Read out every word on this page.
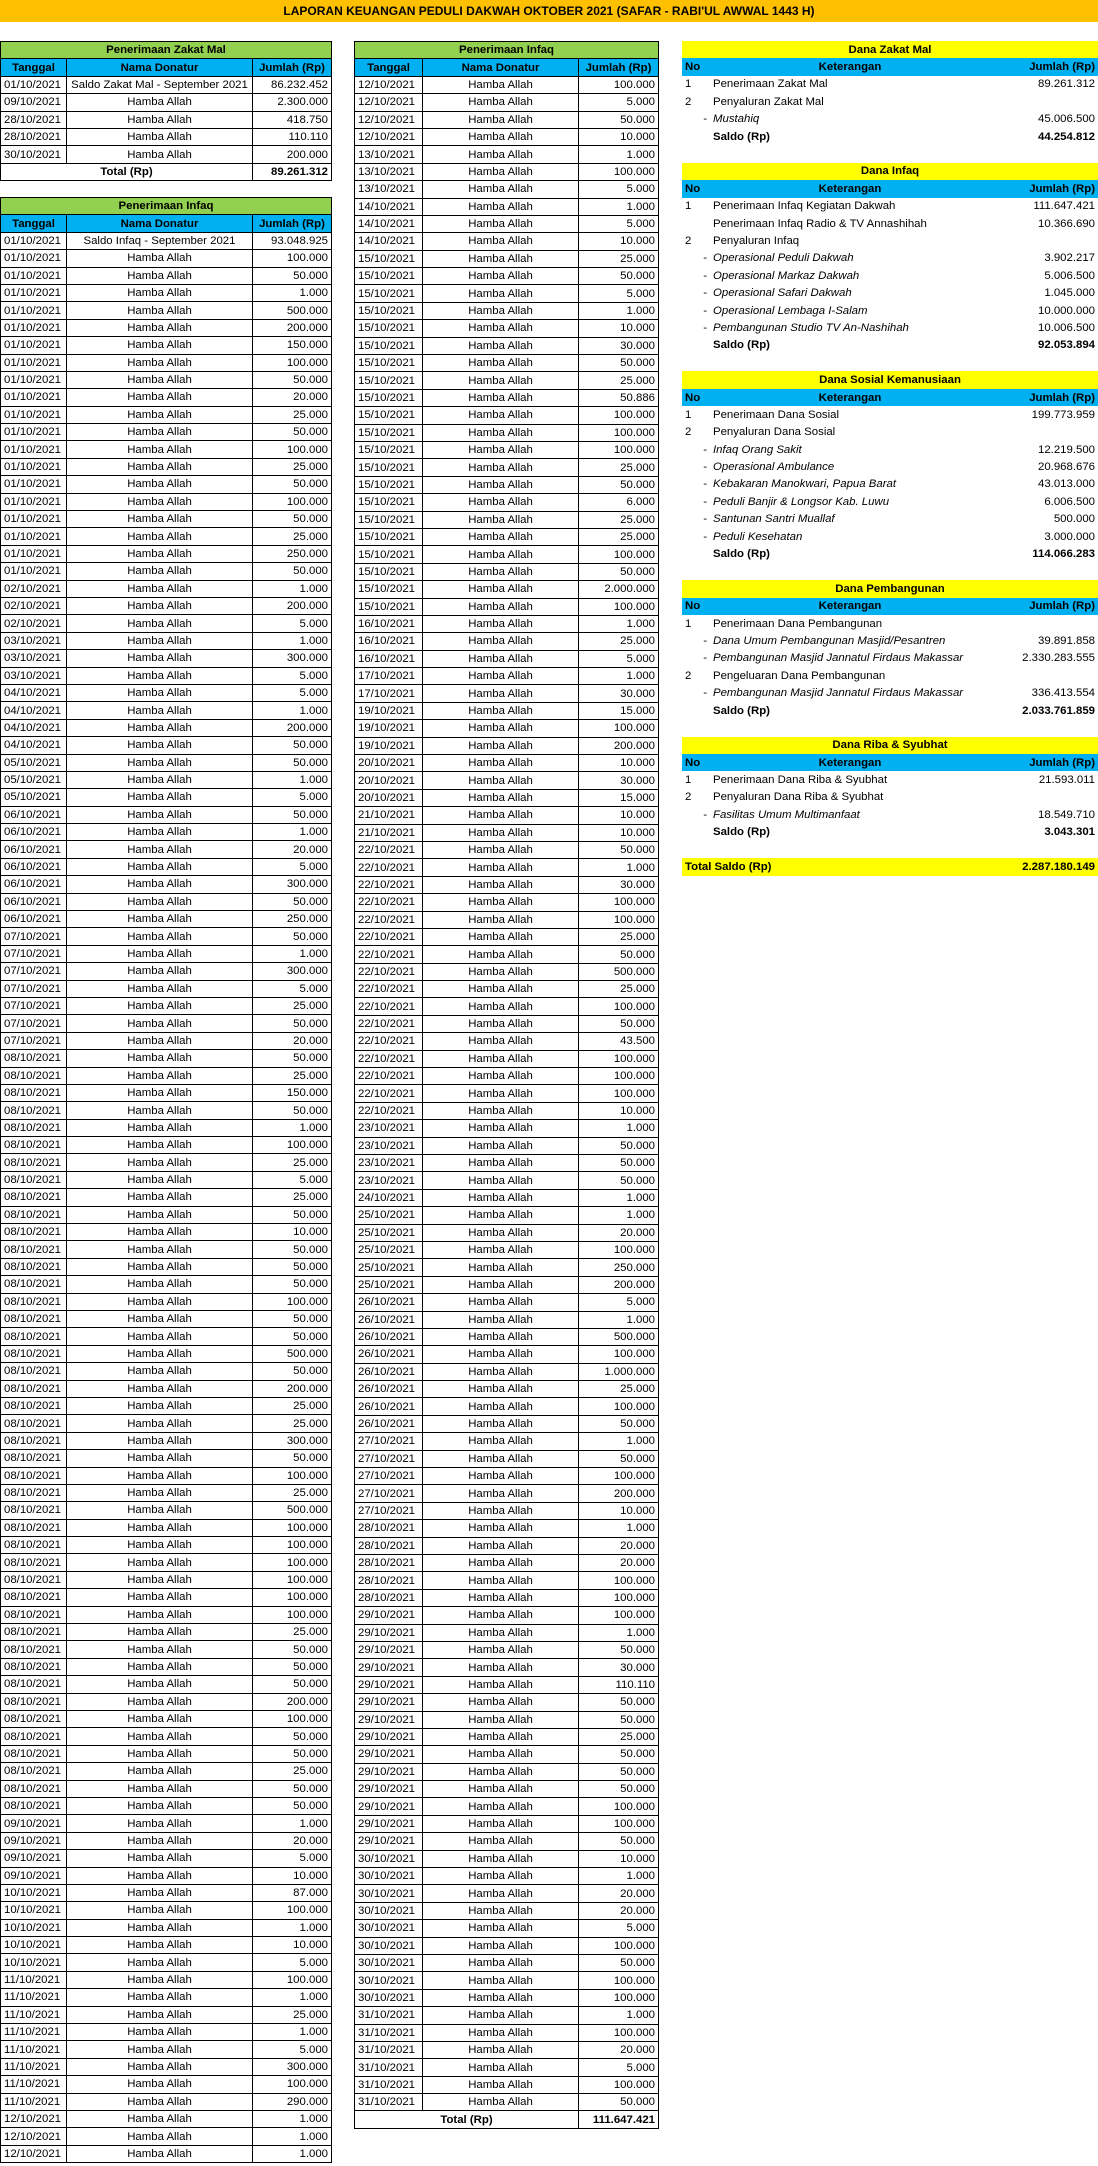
LAPORAN KEUANGAN PEDULI DAKWAH OKTOBER 2021 (SAFAR - RABI'UL AWWAL 1443 H)
Penerimaan Zakat Mal		
Tanggal	Nama Donatur	Jumlah (Rp)
01/10/2021	Saldo Zakat Mal - September 2021	86.232.452
09/10/2021	Hamba Allah	2.300.000
28/10/2021	Hamba Allah	418.750
28/10/2021	Hamba Allah	110.110
30/10/2021	Hamba Allah	200.000
Total (Rp)		89.261.312
Penerimaan Infaq		
Tanggal	Nama Donatur	Jumlah (Rp)
01/10/2021	Saldo Infaq - September 2021	93.048.925
01/10/2021	Hamba Allah	100.000
01/10/2021	Hamba Allah	50.000
01/10/2021	Hamba Allah	1.000
01/10/2021	Hamba Allah	500.000
01/10/2021	Hamba Allah	200.000
01/10/2021	Hamba Allah	150.000
01/10/2021	Hamba Allah	100.000
01/10/2021	Hamba Allah	50.000
01/10/2021	Hamba Allah	20.000
01/10/2021	Hamba Allah	25.000
01/10/2021	Hamba Allah	50.000
01/10/2021	Hamba Allah	100.000
01/10/2021	Hamba Allah	25.000
01/10/2021	Hamba Allah	50.000
01/10/2021	Hamba Allah	100.000
01/10/2021	Hamba Allah	50.000
01/10/2021	Hamba Allah	25.000
01/10/2021	Hamba Allah	250.000
01/10/2021	Hamba Allah	50.000
02/10/2021	Hamba Allah	1.000
02/10/2021	Hamba Allah	200.000
02/10/2021	Hamba Allah	5.000
03/10/2021	Hamba Allah	1.000
03/10/2021	Hamba Allah	300.000
03/10/2021	Hamba Allah	5.000
04/10/2021	Hamba Allah	5.000
04/10/2021	Hamba Allah	1.000
04/10/2021	Hamba Allah	200.000
04/10/2021	Hamba Allah	50.000
05/10/2021	Hamba Allah	50.000
05/10/2021	Hamba Allah	1.000
05/10/2021	Hamba Allah	5.000
06/10/2021	Hamba Allah	50.000
06/10/2021	Hamba Allah	1.000
06/10/2021	Hamba Allah	20.000
06/10/2021	Hamba Allah	5.000
06/10/2021	Hamba Allah	300.000
06/10/2021	Hamba Allah	50.000
06/10/2021	Hamba Allah	250.000
07/10/2021	Hamba Allah	50.000
07/10/2021	Hamba Allah	1.000
07/10/2021	Hamba Allah	300.000
07/10/2021	Hamba Allah	5.000
07/10/2021	Hamba Allah	25.000
07/10/2021	Hamba Allah	50.000
07/10/2021	Hamba Allah	20.000
08/10/2021	Hamba Allah	50.000
08/10/2021	Hamba Allah	25.000
08/10/2021	Hamba Allah	150.000
08/10/2021	Hamba Allah	50.000
08/10/2021	Hamba Allah	1.000
08/10/2021	Hamba Allah	100.000
08/10/2021	Hamba Allah	25.000
08/10/2021	Hamba Allah	5.000
08/10/2021	Hamba Allah	25.000
08/10/2021	Hamba Allah	50.000
08/10/2021	Hamba Allah	10.000
08/10/2021	Hamba Allah	50.000
08/10/2021	Hamba Allah	50.000
08/10/2021	Hamba Allah	50.000
08/10/2021	Hamba Allah	100.000
08/10/2021	Hamba Allah	50.000
08/10/2021	Hamba Allah	50.000
08/10/2021	Hamba Allah	500.000
08/10/2021	Hamba Allah	50.000
08/10/2021	Hamba Allah	200.000
08/10/2021	Hamba Allah	25.000
08/10/2021	Hamba Allah	25.000
08/10/2021	Hamba Allah	300.000
08/10/2021	Hamba Allah	50.000
08/10/2021	Hamba Allah	100.000
08/10/2021	Hamba Allah	25.000
08/10/2021	Hamba Allah	500.000
08/10/2021	Hamba Allah	100.000
08/10/2021	Hamba Allah	100.000
08/10/2021	Hamba Allah	100.000
08/10/2021	Hamba Allah	100.000
08/10/2021	Hamba Allah	100.000
08/10/2021	Hamba Allah	100.000
08/10/2021	Hamba Allah	25.000
08/10/2021	Hamba Allah	50.000
08/10/2021	Hamba Allah	50.000
08/10/2021	Hamba Allah	50.000
08/10/2021	Hamba Allah	200.000
08/10/2021	Hamba Allah	100.000
08/10/2021	Hamba Allah	50.000
08/10/2021	Hamba Allah	50.000
08/10/2021	Hamba Allah	25.000
08/10/2021	Hamba Allah	50.000
08/10/2021	Hamba Allah	50.000
09/10/2021	Hamba Allah	1.000
09/10/2021	Hamba Allah	20.000
09/10/2021	Hamba Allah	5.000
09/10/2021	Hamba Allah	10.000
10/10/2021	Hamba Allah	87.000
10/10/2021	Hamba Allah	100.000
10/10/2021	Hamba Allah	1.000
10/10/2021	Hamba Allah	10.000
10/10/2021	Hamba Allah	5.000
11/10/2021	Hamba Allah	100.000
11/10/2021	Hamba Allah	1.000
11/10/2021	Hamba Allah	25.000
11/10/2021	Hamba Allah	1.000
11/10/2021	Hamba Allah	5.000
11/10/2021	Hamba Allah	300.000
11/10/2021	Hamba Allah	100.000
11/10/2021	Hamba Allah	290.000
12/10/2021	Hamba Allah	1.000
12/10/2021	Hamba Allah	1.000
12/10/2021	Hamba Allah	1.000
Penerimaan Infaq		
Tanggal	Nama Donatur	Jumlah (Rp)
12/10/2021	Hamba Allah	100.000
12/10/2021	Hamba Allah	5.000
12/10/2021	Hamba Allah	50.000
12/10/2021	Hamba Allah	10.000
13/10/2021	Hamba Allah	1.000
13/10/2021	Hamba Allah	100.000
13/10/2021	Hamba Allah	5.000
14/10/2021	Hamba Allah	1.000
14/10/2021	Hamba Allah	5.000
14/10/2021	Hamba Allah	10.000
15/10/2021	Hamba Allah	25.000
15/10/2021	Hamba Allah	50.000
15/10/2021	Hamba Allah	5.000
15/10/2021	Hamba Allah	1.000
15/10/2021	Hamba Allah	10.000
15/10/2021	Hamba Allah	30.000
15/10/2021	Hamba Allah	50.000
15/10/2021	Hamba Allah	25.000
15/10/2021	Hamba Allah	50.886
15/10/2021	Hamba Allah	100.000
15/10/2021	Hamba Allah	100.000
15/10/2021	Hamba Allah	100.000
15/10/2021	Hamba Allah	25.000
15/10/2021	Hamba Allah	50.000
15/10/2021	Hamba Allah	6.000
15/10/2021	Hamba Allah	25.000
15/10/2021	Hamba Allah	25.000
15/10/2021	Hamba Allah	100.000
15/10/2021	Hamba Allah	50.000
15/10/2021	Hamba Allah	2.000.000
15/10/2021	Hamba Allah	100.000
16/10/2021	Hamba Allah	1.000
16/10/2021	Hamba Allah	25.000
16/10/2021	Hamba Allah	5.000
17/10/2021	Hamba Allah	1.000
17/10/2021	Hamba Allah	30.000
19/10/2021	Hamba Allah	15.000
19/10/2021	Hamba Allah	100.000
19/10/2021	Hamba Allah	200.000
20/10/2021	Hamba Allah	10.000
20/10/2021	Hamba Allah	30.000
20/10/2021	Hamba Allah	15.000
21/10/2021	Hamba Allah	10.000
21/10/2021	Hamba Allah	10.000
22/10/2021	Hamba Allah	50.000
22/10/2021	Hamba Allah	1.000
22/10/2021	Hamba Allah	30.000
22/10/2021	Hamba Allah	100.000
22/10/2021	Hamba Allah	100.000
22/10/2021	Hamba Allah	25.000
22/10/2021	Hamba Allah	50.000
22/10/2021	Hamba Allah	500.000
22/10/2021	Hamba Allah	25.000
22/10/2021	Hamba Allah	100.000
22/10/2021	Hamba Allah	50.000
22/10/2021	Hamba Allah	43.500
22/10/2021	Hamba Allah	100.000
22/10/2021	Hamba Allah	100.000
22/10/2021	Hamba Allah	100.000
22/10/2021	Hamba Allah	10.000
23/10/2021	Hamba Allah	1.000
23/10/2021	Hamba Allah	50.000
23/10/2021	Hamba Allah	50.000
23/10/2021	Hamba Allah	50.000
24/10/2021	Hamba Allah	1.000
25/10/2021	Hamba Allah	1.000
25/10/2021	Hamba Allah	20.000
25/10/2021	Hamba Allah	100.000
25/10/2021	Hamba Allah	250.000
25/10/2021	Hamba Allah	200.000
26/10/2021	Hamba Allah	5.000
26/10/2021	Hamba Allah	1.000
26/10/2021	Hamba Allah	500.000
26/10/2021	Hamba Allah	100.000
26/10/2021	Hamba Allah	1.000.000
26/10/2021	Hamba Allah	25.000
26/10/2021	Hamba Allah	100.000
26/10/2021	Hamba Allah	50.000
27/10/2021	Hamba Allah	1.000
27/10/2021	Hamba Allah	50.000
27/10/2021	Hamba Allah	100.000
27/10/2021	Hamba Allah	200.000
27/10/2021	Hamba Allah	10.000
28/10/2021	Hamba Allah	1.000
28/10/2021	Hamba Allah	20.000
28/10/2021	Hamba Allah	20.000
28/10/2021	Hamba Allah	100.000
28/10/2021	Hamba Allah	100.000
29/10/2021	Hamba Allah	100.000
29/10/2021	Hamba Allah	1.000
29/10/2021	Hamba Allah	50.000
29/10/2021	Hamba Allah	30.000
29/10/2021	Hamba Allah	110.110
29/10/2021	Hamba Allah	50.000
29/10/2021	Hamba Allah	50.000
29/10/2021	Hamba Allah	25.000
29/10/2021	Hamba Allah	50.000
29/10/2021	Hamba Allah	50.000
29/10/2021	Hamba Allah	50.000
29/10/2021	Hamba Allah	100.000
29/10/2021	Hamba Allah	100.000
29/10/2021	Hamba Allah	50.000
30/10/2021	Hamba Allah	10.000
30/10/2021	Hamba Allah	1.000
30/10/2021	Hamba Allah	20.000
30/10/2021	Hamba Allah	20.000
30/10/2021	Hamba Allah	5.000
30/10/2021	Hamba Allah	100.000
30/10/2021	Hamba Allah	50.000
30/10/2021	Hamba Allah	100.000
30/10/2021	Hamba Allah	100.000
31/10/2021	Hamba Allah	1.000
31/10/2021	Hamba Allah	100.000
31/10/2021	Hamba Allah	20.000
31/10/2021	Hamba Allah	5.000
31/10/2021	Hamba Allah	100.000
31/10/2021	Hamba Allah	50.000
Total (Rp)		111.647.421
Dana Zakat Mal		
No	Keterangan	Jumlah (Rp)
1	Penerimaan Zakat Mal	89.261.312
2	Penyaluran Zakat Mal	
-	Mustahiq	45.006.500
	Saldo (Rp)	44.254.812

Dana Infaq		
No	Keterangan	Jumlah (Rp)
1	Penerimaan Infaq Kegiatan Dakwah	111.647.421
	Penerimaan Infaq Radio & TV Annashihah	10.366.690
2	Penyaluran Infaq	
-	Operasional Peduli Dakwah	3.902.217
-	Operasional Markaz Dakwah	5.006.500
-	Operasional Safari Dakwah	1.045.000
-	Operasional Lembaga I-Salam	10.000.000
-	Pembangunan Studio TV An-Nashihah	10.006.500
	Saldo (Rp)	92.053.894

Dana Sosial Kemanusiaan		
No	Keterangan	Jumlah (Rp)
1	Penerimaan Dana Sosial	199.773.959
2	Penyaluran Dana Sosial	
-	Infaq Orang Sakit	12.219.500
-	Operasional Ambulance	20.968.676
-	Kebakaran Manokwari, Papua Barat	43.013.000
-	Peduli Banjir & Longsor Kab. Luwu	6.006.500
-	Santunan Santri Muallaf	500.000
-	Peduli Kesehatan	3.000.000
	Saldo (Rp)	114.066.283

Dana Pembangunan		
No	Keterangan	Jumlah (Rp)
1	Penerimaan Dana Pembangunan	
-	Dana Umum Pembangunan Masjid/Pesantren	39.891.858
-	Pembangunan Masjid Jannatul Firdaus Makassar	2.330.283.555
2	Pengeluaran Dana Pembangunan	
-	Pembangunan Masjid Jannatul Firdaus Makassar	336.413.554
	Saldo (Rp)	2.033.761.859

Dana Riba & Syubhat		
No	Keterangan	Jumlah (Rp)
1	Penerimaan Dana Riba & Syubhat	21.593.011
2	Penyaluran Dana Riba & Syubhat	
-	Fasilitas Umum Multimanfaat	18.549.710
	Saldo (Rp)	3.043.301

Total Saldo (Rp)		2.287.180.149
